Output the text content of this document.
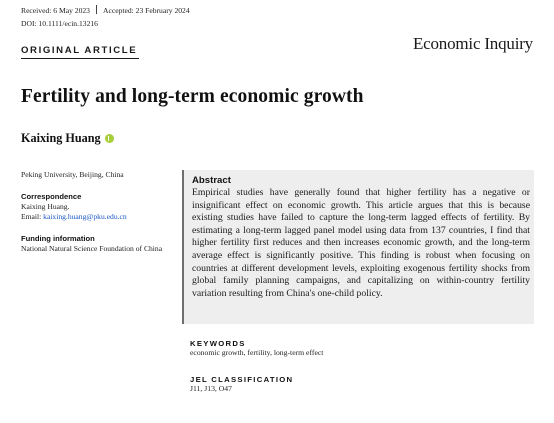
Received: 6 May 2023 Accepted: 23 February 2024
DOI: 10.1111/ecin.13216
ORIGINAL ARTICLE	Economic Inquiry
Fertility and long-term economic growth
Kaixing Huang
Peking University, Beijing, China
Correspondence
Kaixing Huang.
Email: kaixing.huang@pku.edu.cn
Funding information
National Natural Science Foundation of China
Abstract
Empirical studies have generally found that higher fertility has a negative or insignificant effect on economic growth. This article argues that this is because existing studies have failed to capture the long-term lagged effects of fertility. By estimating a long-term lagged panel model using data from 137 countries, I find that higher fertility first reduces and then increases economic growth, and the long-term average effect is significantly positive. This finding is robust when focusing on countries at different development levels, exploiting exogenous fertility shocks from global family planning campaigns, and capitalizing on within-country fertility variation resulting from China's one-child policy.
KEYWORDS
economic growth, fertility, long-term effect
JEL CLASSIFICATION
J11, J13, O47
